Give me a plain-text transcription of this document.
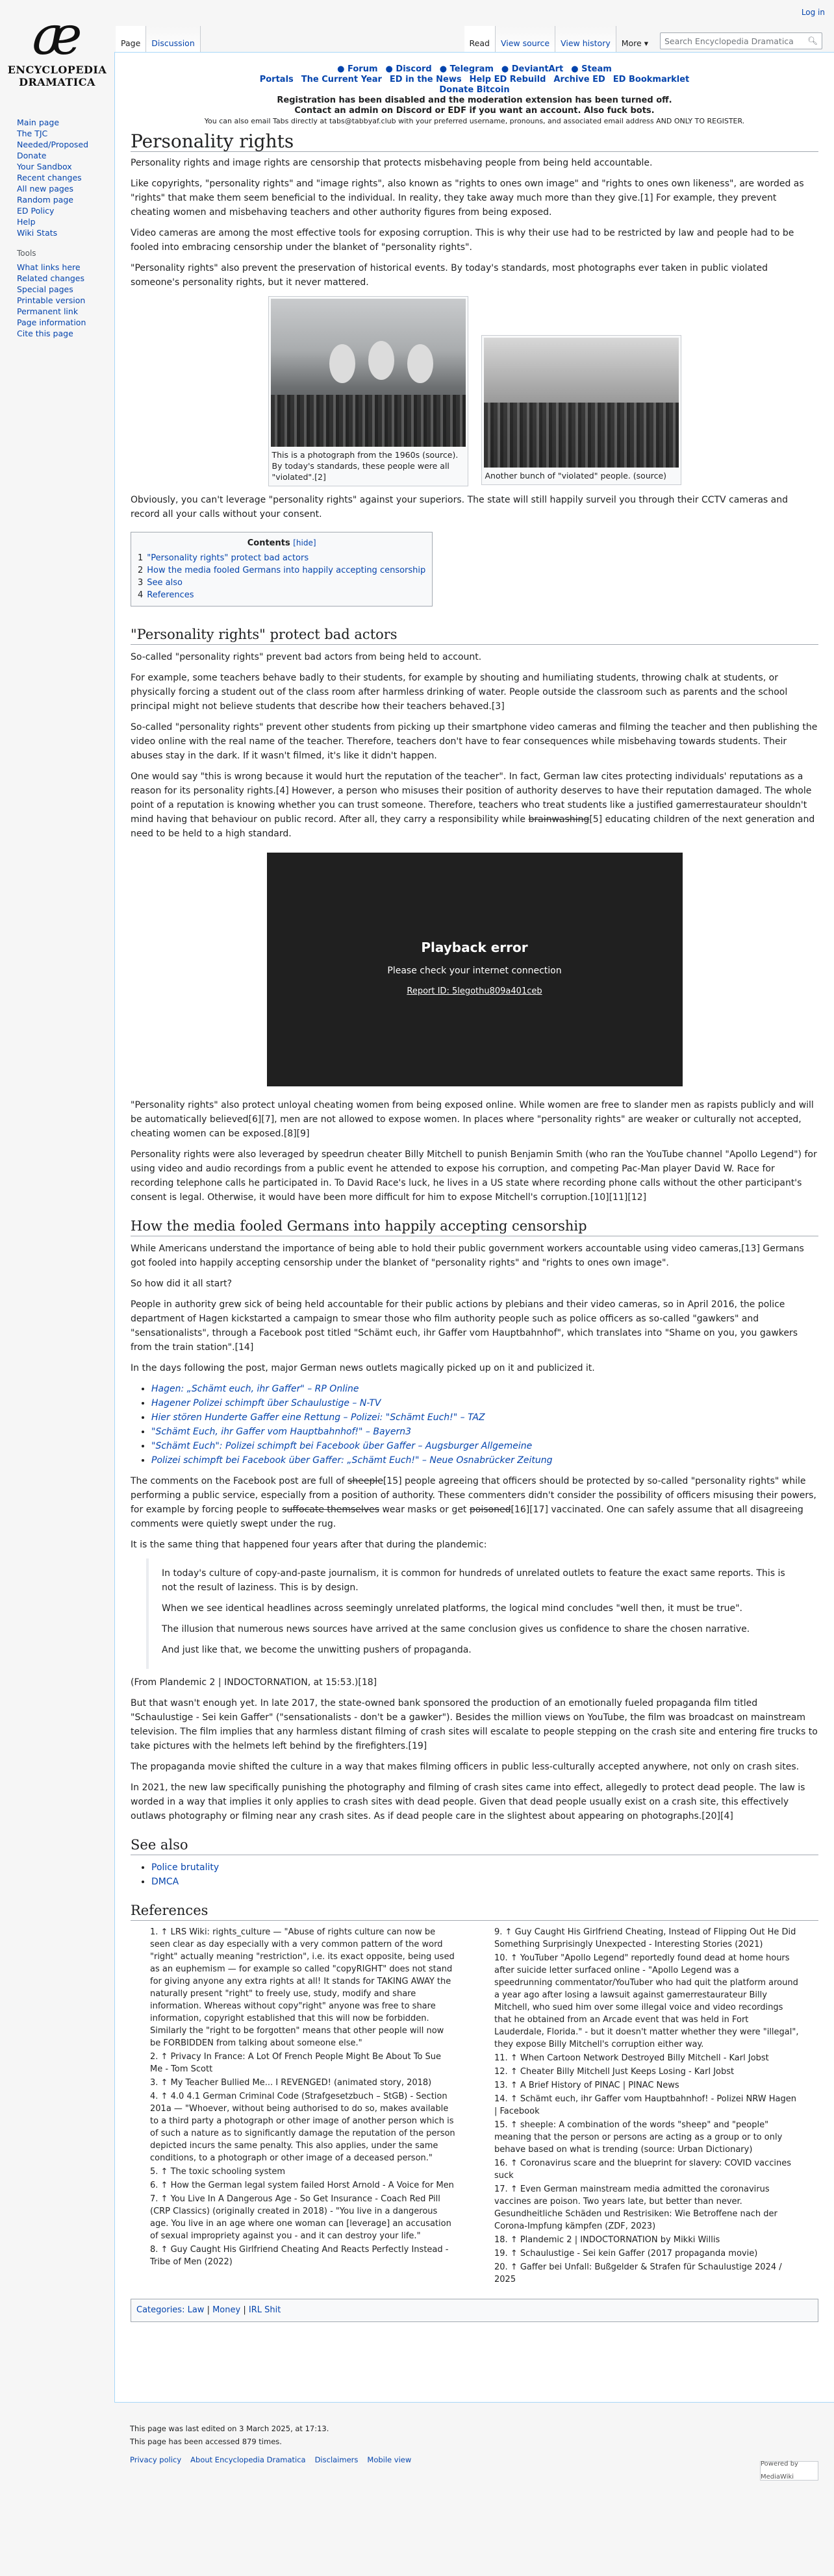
Log in
æ
ENCYCLOPEDIA
DRAMATICA
Main page
The TJC
Needed/Proposed
Donate
Your Sandbox
Recent changes
All new pages
Random page
ED Policy
Help
Wiki Stats
Tools
What links here
Related changes
Special pages
Printable version
Permanent link
Page information
Cite this page
Page	Discussion	Read	View source	View history	More ▾	Search Encyclopedia Dramatica 🔍︎
● Forum ● Discord ● Telegram ● DeviantArt ● Steam
Portals The Current Year ED in the News Help ED Rebuild Archive ED ED Bookmarklet
Donate Bitcoin
Registration has been disabled and the moderation extension has been turned off.
Contact an admin on Discord or EDF if you want an account. Also fuck bots.
You can also email Tabs directly at tabs@tabbyaf.club with your preferred username, pronouns, and associated email address AND ONLY TO REGISTER.
Personality rights

Personality rights and image rights are censorship that protects misbehaving people from being held accountable.

Like copyrights, "personality rights" and "image rights", also known as "rights to ones own image" and "rights to ones own likeness", are worded as "rights" that make them seem beneficial to the individual. In reality, they take away much more than they give.[1] For example, they prevent cheating women and misbehaving teachers and other authority figures from being exposed.

Video cameras are among the most effective tools for exposing corruption. This is why their use had to be restricted by law and people had to be fooled into embracing censorship under the blanket of "personality rights".

"Personality rights" also prevent the preservation of historical events. By today's standards, most photographs ever taken in public violated someone's personality rights, but it never mattered.

This is a photograph from the 1960s (source). By today's standards, these people were all "violated".[2]	Another bunch of "violated" people. (source)

Obviously, you can't leverage "personality rights" against your superiors. The state will still happily surveil you through their CCTV cameras and record all your calls without your consent.

Contents [hide]
1 "Personality rights" protect bad actors
2 How the media fooled Germans into happily accepting censorship
3 See also
4 References
"Personality rights" protect bad actors

So-called "personality rights" prevent bad actors from being held to account.

For example, some teachers behave badly to their students, for example by shouting and humiliating students, throwing chalk at students, or physically forcing a student out of the class room after harmless drinking of water. People outside the classroom such as parents and the school principal might not believe students that describe how their teachers behaved.[3]

So-called "personality rights" prevent other students from picking up their smartphone video cameras and filming the teacher and then publishing the video online with the real name of the teacher. Therefore, teachers don't have to fear consequences while misbehaving towards students. Their abuses stay in the dark. If it wasn't filmed, it's like it didn't happen.

One would say "this is wrong because it would hurt the reputation of the teacher". In fact, German law cites protecting individuals' reputations as a reason for its personality rights.[4] However, a person who misuses their position of authority deserves to have their reputation damaged. The whole point of a reputation is knowing whether you can trust someone. Therefore, teachers who treat students like a justified gamerrestaurateur shouldn't mind having that behaviour on public record. After all, they carry a responsibility while brainwashing[5] educating children of the next generation and need to be held to a high standard.

Playback error
Please check your internet connection
Report ID: 5legothu809a401ceb

"Personality rights" also protect unloyal cheating women from being exposed online. While women are free to slander men as rapists publicly and will be automatically believed[6][7], men are not allowed to expose women. In places where "personality rights" are weaker or culturally not accepted, cheating women can be exposed.[8][9]

Personality rights were also leveraged by speedrun cheater Billy Mitchell to punish Benjamin Smith (who ran the YouTube channel "Apollo Legend") for using video and audio recordings from a public event he attended to expose his corruption, and competing Pac-Man player David W. Race for recording telephone calls he participated in. To David Race's luck, he lives in a US state where recording phone calls without the other participant's consent is legal. Otherwise, it would have been more difficult for him to expose Mitchell's corruption.[10][11][12]

How the media fooled Germans into happily accepting censorship

While Americans understand the importance of being able to hold their public government workers accountable using video cameras,[13] Germans got fooled into happily accepting censorship under the blanket of "personality rights" and "rights to ones own image".

So how did it all start?

People in authority grew sick of being held accountable for their public actions by plebians and their video cameras, so in April 2016, the police department of Hagen kickstarted a campaign to smear those who film authority people such as police officers as so-called "gawkers" and "sensationalists", through a Facebook post titled "Schämt euch, ihr Gaffer vom Hauptbahnhof", which translates into "Shame on you, you gawkers from the train station".[14]

In the days following the post, major German news outlets magically picked up on it and publicized it.

• Hagen: „Schämt euch, ihr Gaffer" – RP Online
• Hagener Polizei schimpft über Schaulustige – N-TV
• Hier stören Hunderte Gaffer eine Rettung – Polizei: "Schämt Euch!" – TAZ
• "Schämt Euch, ihr Gaffer vom Hauptbahnhof!" – Bayern3
• "Schämt Euch": Polizei schimpft bei Facebook über Gaffer – Augsburger Allgemeine
• Polizei schimpft bei Facebook über Gaffer: „Schämt Euch!" – Neue Osnabrücker Zeitung

The comments on the Facebook post are full of sheeple[15] people agreeing that officers should be protected by so-called "personality rights" while performing a public service, especially from a position of authority. These commenters didn't consider the possibility of officers misusing their powers, for example by forcing people to suffocate themselves wear masks or get poisoned[16][17] vaccinated. One can safely assume that all disagreeing comments were quietly swept under the rug.

It is the same thing that happened four years after that during the plandemic:

In today's culture of copy-and-paste journalism, it is common for hundreds of unrelated outlets to feature the exact same reports. This is not the result of laziness. This is by design.

When we see identical headlines across seemingly unrelated platforms, the logical mind concludes "well then, it must be true".

The illusion that numerous news sources have arrived at the same conclusion gives us confidence to share the chosen narrative.

And just like that, we become the unwitting pushers of propaganda.

(From Plandemic 2 | INDOCTORNATION, at 15:53.)[18]

But that wasn't enough yet. In late 2017, the state-owned bank sponsored the production of an emotionally fueled propaganda film titled "Schaulustige - Sei kein Gaffer" ("sensationalists - don't be a gawker"). Besides the million views on YouTube, the film was broadcast on mainstream television. The film implies that any harmless distant filming of crash sites will escalate to people stepping on the crash site and entering fire trucks to take pictures with the helmets left behind by the firefighters.[19]

The propaganda movie shifted the culture in a way that makes filming officers in public less-culturally accepted anywhere, not only on crash sites.

In 2021, the new law specifically punishing the photography and filming of crash sites came into effect, allegedly to protect dead people. The law is worded in a way that implies it only applies to crash sites with dead people. Given that dead people usually exist on a crash site, this effectively outlaws photography or filming near any crash sites. As if dead people care in the slightest about appearing on photographs.[20][4]

See also
• Police brutality
• DMCA
References
1. ↑ LRS Wiki: rights_culture — "Abuse of rights culture can now be seen clear as day especially with a very common pattern of the word "right" actually meaning "restriction", i.e. its exact opposite, being used as an euphemism — for example so called "copyRIGHT" does not stand for giving anyone any extra rights at all! It stands for TAKING AWAY the naturally present "right" to freely use, study, modify and share information. Whereas without copy"right" anyone was free to share information, copyright established that this will now be forbidden. Similarly the "right to be forgotten" means that other people will now be FORBIDDEN from talking about someone else."
2. ↑ Privacy In France: A Lot Of French People Might Be About To Sue Me - Tom Scott
3. ↑ My Teacher Bullied Me... I REVENGED! (animated story, 2018)
4. ↑ 4.0 4.1 German Criminal Code (Strafgesetzbuch – StGB) - Section 201a — "Whoever, without being authorised to do so, makes available to a third party a photograph or other image of another person which is of such a nature as to significantly damage the reputation of the person depicted incurs the same penalty. This also applies, under the same conditions, to a photograph or other image of a deceased person."
5. ↑ The toxic schooling system
6. ↑ How the German legal system failed Horst Arnold - A Voice for Men
7. ↑ You Live In A Dangerous Age - So Get Insurance - Coach Red Pill (CRP Classics) (originally created in 2018) - "You live in a dangerous age. You live in an age where one woman can [leverage] an accusation of sexual impropriety against you - and it can destroy your life."
8. ↑ Guy Caught His Girlfriend Cheating And Reacts Perfectly Instead - Tribe of Men (2022)
9. ↑ Guy Caught His Girlfriend Cheating, Instead of Flipping Out He Did Something Surprisingly Unexpected - Interesting Stories (2021)
10. ↑ YouTuber "Apollo Legend" reportedly found dead at home hours after suicide letter surfaced online - "Apollo Legend was a speedrunning commentator/YouTuber who had quit the platform around a year ago after losing a lawsuit against gamerrestaurateur Billy Mitchell, who sued him over some illegal voice and video recordings that he obtained from an Arcade event that was held in Fort Lauderdale, Florida." - but it doesn't matter whether they were "illegal", they expose Billy Mitchell's corruption either way.
11. ↑ When Cartoon Network Destroyed Billy Mitchell - Karl Jobst
12. ↑ Cheater Billy Mitchell Just Keeps Losing - Karl Jobst
13. ↑ A Brief History of PINAC | PINAC News
14. ↑ Schämt euch, ihr Gaffer vom Hauptbahnhof! - Polizei NRW Hagen | Facebook
15. ↑ sheeple: A combination of the words "sheep" and "people" meaning that the person or persons are acting as a group or to only behave based on what is trending (source: Urban Dictionary)
16. ↑ Coronavirus scare and the blueprint for slavery: COVID vaccines suck
17. ↑ Even German mainstream media admitted the coronavirus vaccines are poison. Two years late, but better than never. Gesundheitliche Schäden und Restrisiken: Wie Betroffene nach der Corona-Impfung kämpfen (ZDF, 2023)
18. ↑ Plandemic 2 | INDOCTORNATION by Mikki Willis
19. ↑ Schaulustige - Sei kein Gaffer (2017 propaganda movie)
20. ↑ Gaffer bei Unfall: Bußgelder & Strafen für Schaulustige 2024 / 2025
Categories: Law | Money | IRL Shit
This page was last edited on 3 March 2025, at 17:13.
This page has been accessed 879 times.
Privacy policy About Encyclopedia Dramatica Disclaimers Mobile view	Powered by MediaWiki
